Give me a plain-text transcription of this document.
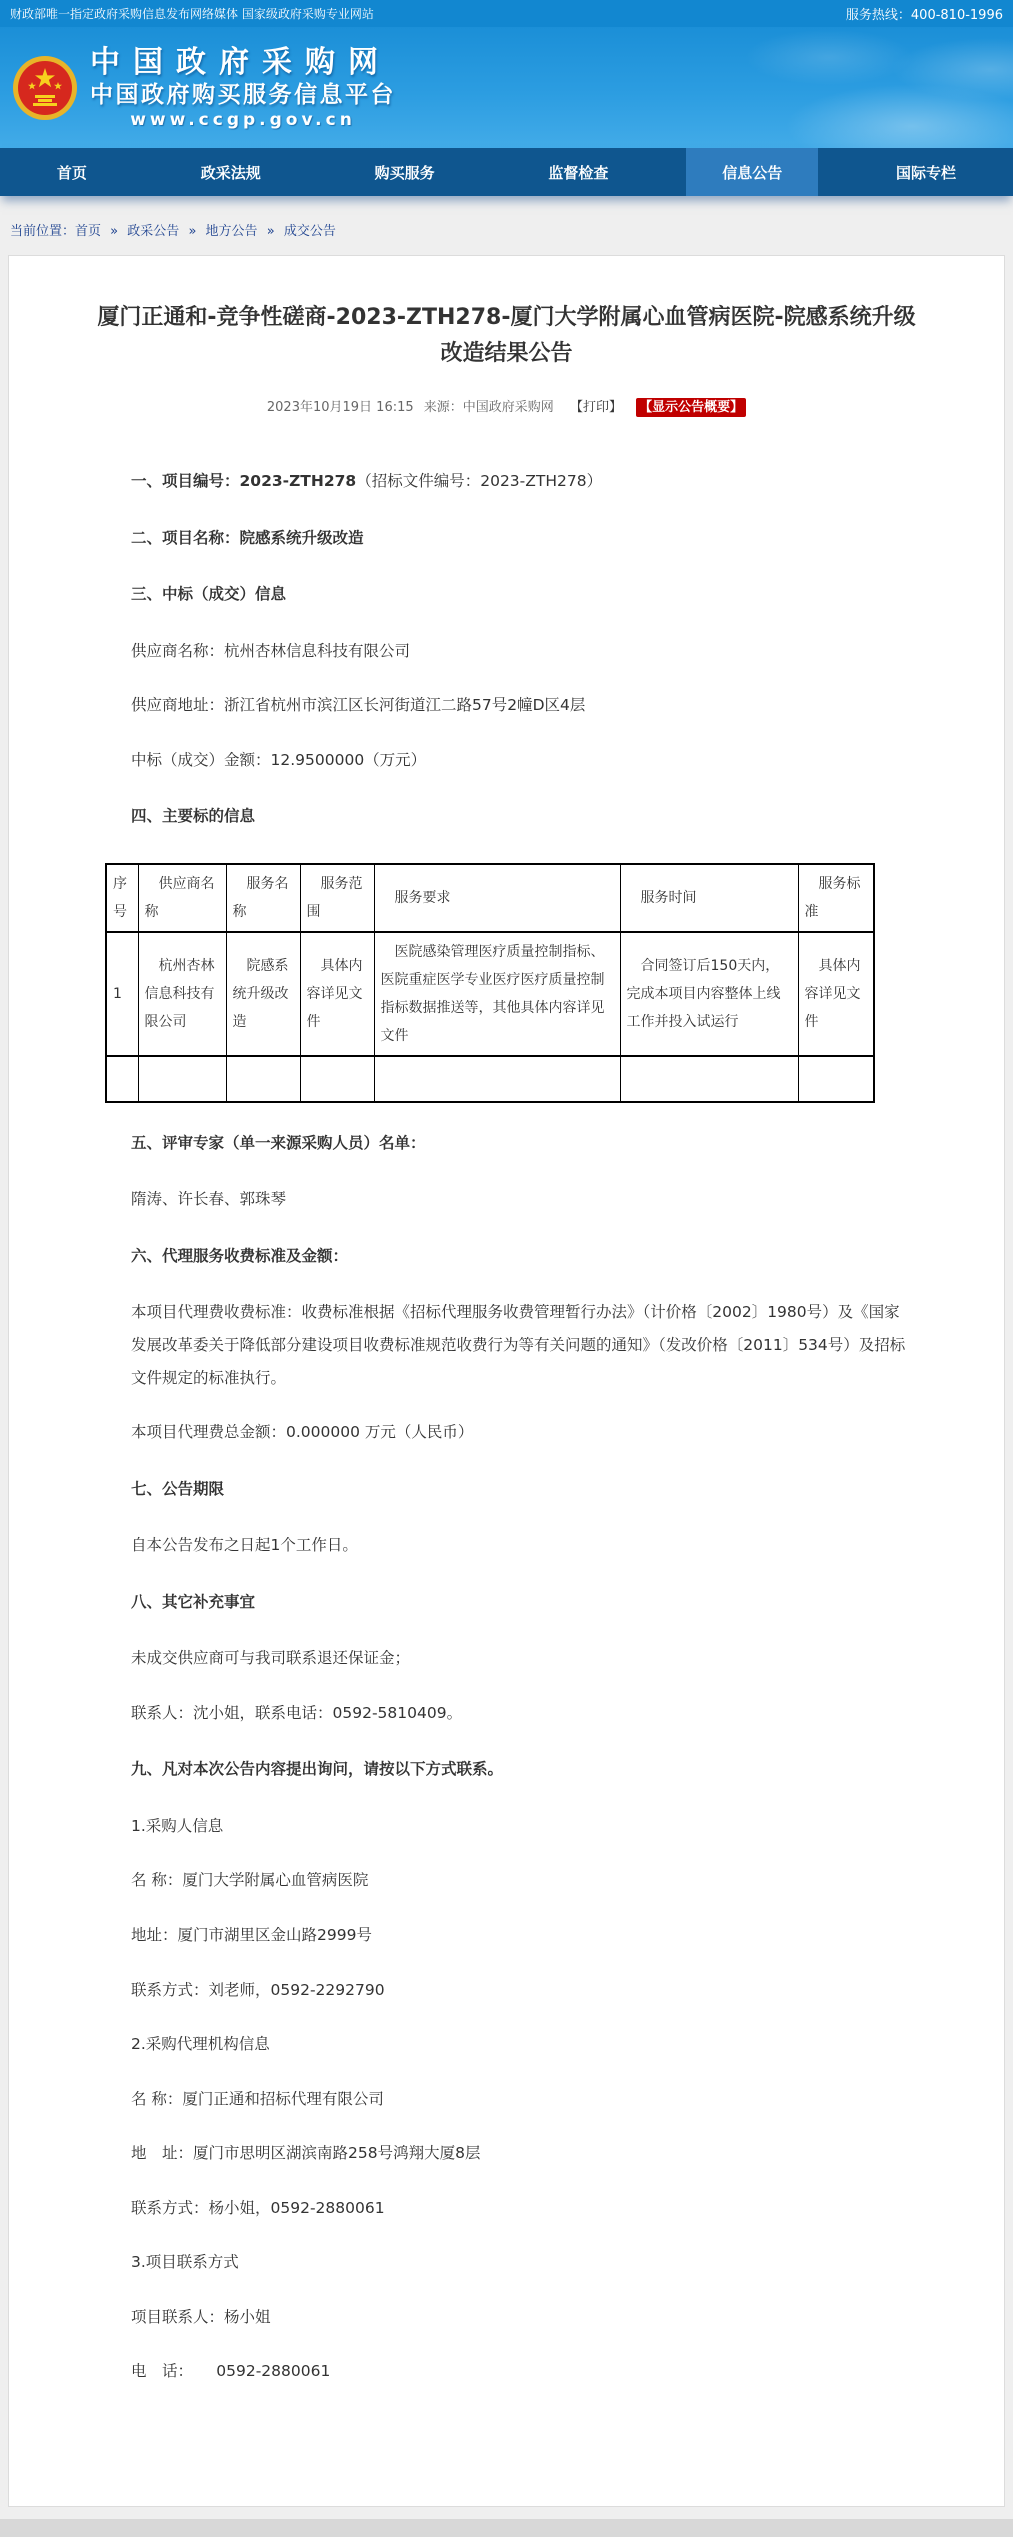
财政部唯一指定政府采购信息发布网络媒体 国家级政府采购专业网站	服务热线：400-810-1996
中国政府采购网
中国政府购买服务信息平台
www.ccgp.gov.cn
首页	政采法规	购买服务	监督检查	信息公告	国际专栏
当前位置：首页 » 政采公告 » 地方公告 » 成交公告
厦门正通和-竞争性磋商-2023-ZTH278-厦门大学附属心血管病医院-院感系统升级改造结果公告
2023年10月19日 16:15 来源：中国政府采购网 【打印】 【显示公告概要】
一、项目编号：2023-ZTH278（招标文件编号：2023-ZTH278）
二、项目名称：院感系统升级改造
三、中标（成交）信息

供应商名称：杭州杏林信息科技有限公司

供应商地址：浙江省杭州市滨江区长河街道江二路57号2幢D区4层

中标（成交）金额：12.9500000（万元）

四、主要标的信息
序号	供应商名称	服务名称	服务范围	服务要求	服务时间	服务标准
1	杭州杏林信息科技有限公司	院感系统升级改造	具体内容详见文件	医院感染管理医疗质量控制指标、医院重症医学专业医疗医疗质量控制指标数据推送等，其他具体内容详见文件	合同签订后150天内，完成本项目内容整体上线工作并投入试运行	具体内容详见文件

五、评审专家（单一来源采购人员）名单：

隋涛、许长春、郭珠琴

六、代理服务收费标准及金额：

本项目代理费收费标准：收费标准根据《招标代理服务收费管理暂行办法》（计价格〔2002〕1980号）及《国家发展改革委关于降低部分建设项目收费标准规范收费行为等有关问题的通知》（发改价格〔2011〕534号）及招标文件规定的标准执行。

本项目代理费总金额：0.000000 万元（人民币）

七、公告期限

自本公告发布之日起1个工作日。

八、其它补充事宜

未成交供应商可与我司联系退还保证金；

联系人：沈小姐，联系电话：0592-5810409。

九、凡对本次公告内容提出询问，请按以下方式联系。

1.采购人信息

名 称：厦门大学附属心血管病医院

地址：厦门市湖里区金山路2999号

联系方式：刘老师，0592-2292790

2.采购代理机构信息

名 称：厦门正通和招标代理有限公司

地　址：厦门市思明区湖滨南路258号鸿翔大厦8层

联系方式：杨小姐，0592-2880061

3.项目联系方式

项目联系人：杨小姐

电　话：　　0592-2880061
